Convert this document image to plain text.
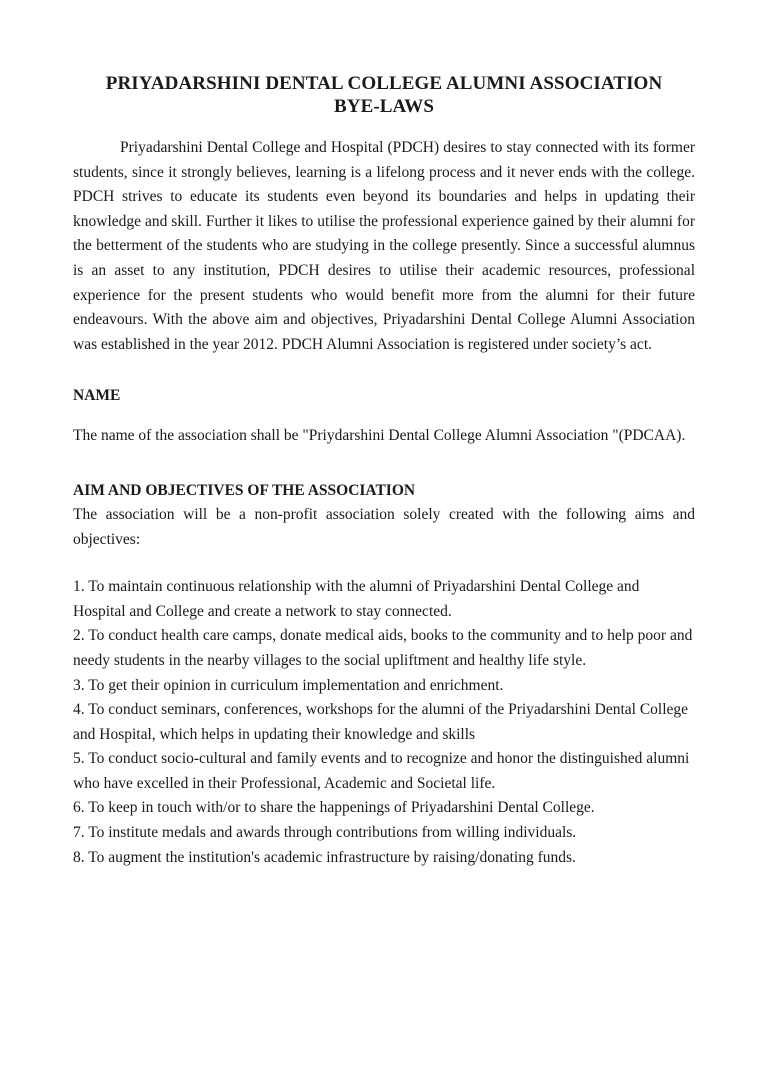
PRIYADARSHINI DENTAL COLLEGE ALUMNI ASSOCIATION
BYE-LAWS

Priyadarshini Dental College and Hospital (PDCH) desires to stay connected with its former students, since it strongly believes, learning is a lifelong process and it never ends with the college. PDCH strives to educate its students even beyond its boundaries and helps in updating their knowledge and skill. Further it likes to utilise the professional experience gained by their alumni for the betterment of the students who are studying in the college presently. Since a successful alumnus is an asset to any institution, PDCH desires to utilise their academic resources, professional experience for the present students who would benefit more from the alumni for their future endeavours. With the above aim and objectives, Priyadarshini Dental College Alumni Association was established in the year 2012. PDCH Alumni Association is registered under society’s act.

NAME

The name of the association shall be "Priydarshini Dental College Alumni Association "(PDCAA).

AIM AND OBJECTIVES OF THE ASSOCIATION

The association will be a non-profit association solely created with the following aims and objectives:

1. To maintain continuous relationship with the alumni of Priyadarshini Dental College and Hospital and College and create a network to stay connected.
2. To conduct health care camps, donate medical aids, books to the community and to help poor and needy students in the nearby villages to the social upliftment and healthy life style.
3. To get their opinion in curriculum implementation and enrichment.
4. To conduct seminars, conferences, workshops for the alumni of the Priyadarshini Dental College and Hospital, which helps in updating their knowledge and skills
5. To conduct socio-cultural and family events and to recognize and honor the distinguished alumni who have excelled in their Professional, Academic and Societal life.
6. To keep in touch with/or to share the happenings of Priyadarshini Dental College.
7. To institute medals and awards through contributions from willing individuals.
8. To augment the institution's academic infrastructure by raising/donating funds.
